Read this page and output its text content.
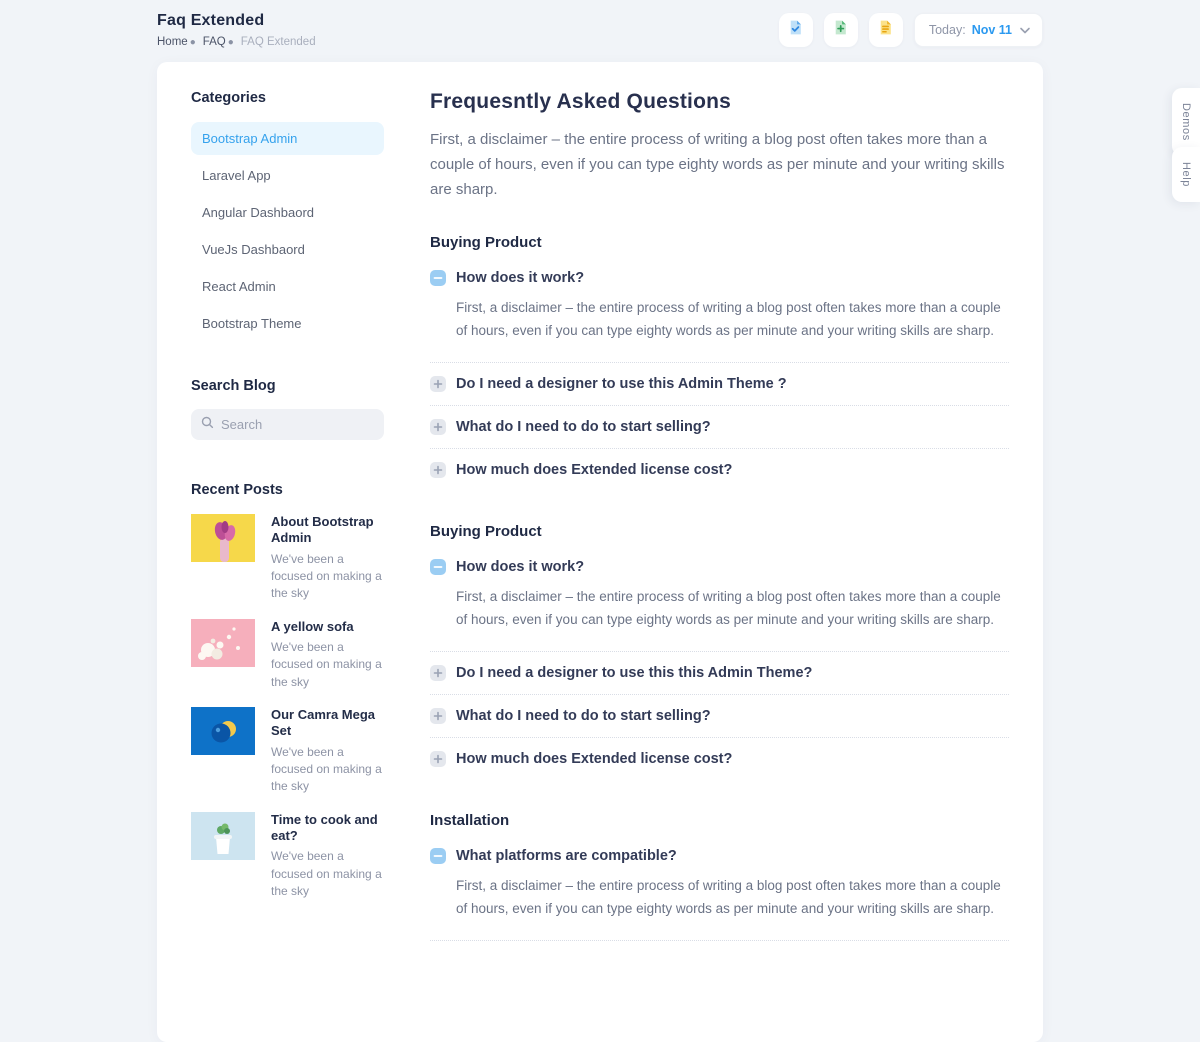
Faq Extended
Home ● FAQ ● FAQ Extended
Today: Nov 11
Categories
Bootstrap Admin
Laravel App
Angular Dashbaord
VueJs Dashbaord
React Admin
Bootstrap Theme
Search Blog
Search
Recent Posts
About Bootstrap Admin
We've been a focused on making a the sky
A yellow sofa
We've been a focused on making a the sky
Our Camra Mega Set
We've been a focused on making a the sky
Time to cook and eat?
We've been a focused on making a the sky
Frequesntly Asked Questions

First, a disclaimer – the entire process of writing a blog post often takes more than a couple of hours, even if you can type eighty words as per minute and your writing skills are sharp.

Buying Product
How does it work?

First, a disclaimer – the entire process of writing a blog post often takes more than a couple of hours, even if you can type eighty words as per minute and your writing skills are sharp.

Do I need a designer to use this Admin Theme ?
What do I need to do to start selling?
How much does Extended license cost?
Buying Product
How does it work?

First, a disclaimer – the entire process of writing a blog post often takes more than a couple of hours, even if you can type eighty words as per minute and your writing skills are sharp.

Do I need a designer to use this this Admin Theme?
What do I need to do to start selling?
How much does Extended license cost?
Installation
What platforms are compatible?

First, a disclaimer – the entire process of writing a blog post often takes more than a couple of hours, even if you can type eighty words as per minute and your writing skills are sharp.

Demos
Help
